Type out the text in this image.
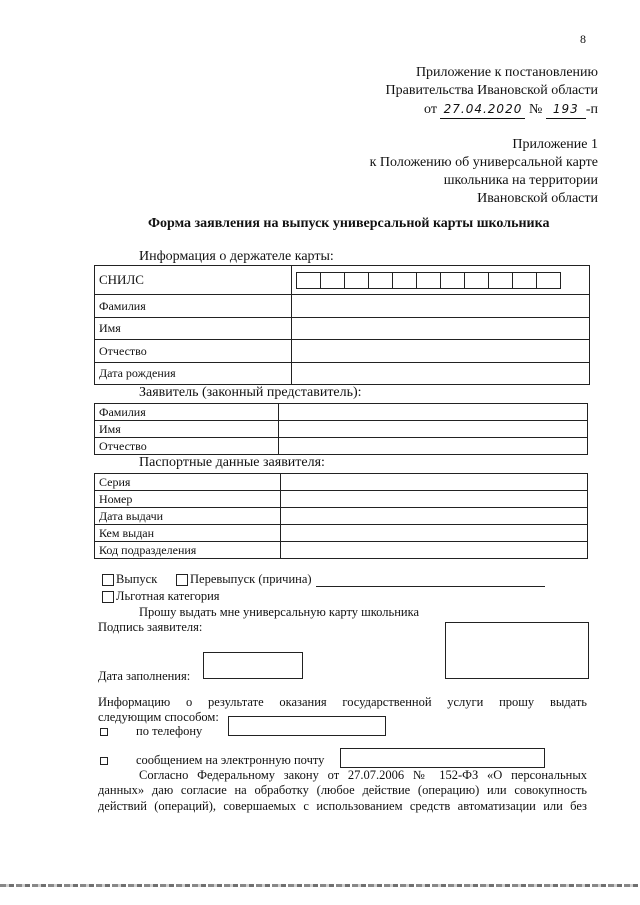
8
Приложение к постановлению
Правительства Ивановской области
от 27.04.2020 № 193 -п
Приложение 1
к Положению об универсальной карте
школьника на территории
Ивановской области
Форма заявления на выпуск универсальной карты школьника
Информация о держателе карты:
СНИЛС	

Фамилия	
Имя	
Отчество	
Дата рождения	
Заявитель (законный представитель):
Фамилия	
Имя	
Отчество	
Паспортные данные заявителя:
Серия	
Номер	
Дата выдачи	
Кем выдан	
Код подразделения	
Выпуск	Перевыпуск (причина)
Льготная категория
Прошу выдать мне универсальную карту школьника
Подпись заявителя:
Дата заполнения:
Информацию о результате оказания государственной услуги прошу выдать
следующим способом:
по телефону
сообщением на электронную почту
Согласно Федеральному закону от 27.07.2006 № 152-ФЗ «О персональных
данных» даю согласие на обработку (любое действие (операцию) или совокупность
действий (операций), совершаемых с использованием средств автоматизации или без
